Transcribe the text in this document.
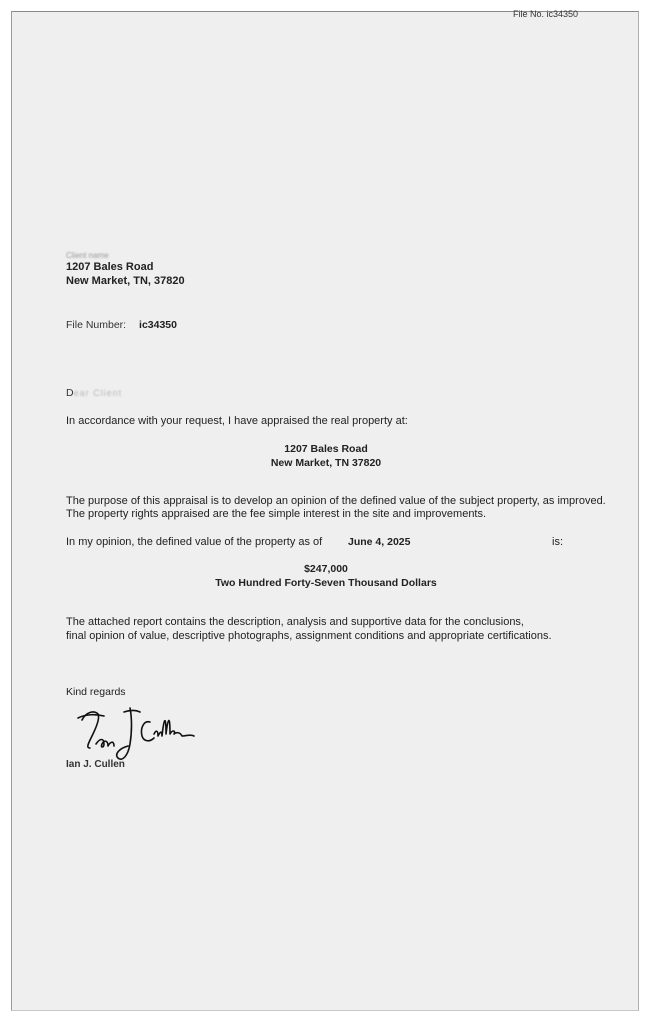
File No. ic34350
Client name
1207 Bales Road
New Market, TN, 37820
File Number: ic34350
Dear Client
In accordance with your request, I have appraised the real property at:
1207 Bales Road
New Market, TN 37820
The purpose of this appraisal is to develop an opinion of the defined value of the subject property, as improved.
The property rights appraised are the fee simple interest in the site and improvements.
In my opinion, the defined value of the property as of June 4, 2025	is:
$247,000
Two Hundred Forty-Seven Thousand Dollars
The attached report contains the description, analysis and supportive data for the conclusions,
final opinion of value, descriptive photographs, assignment conditions and appropriate certifications.
Kind regards
Ian J. Cullen
